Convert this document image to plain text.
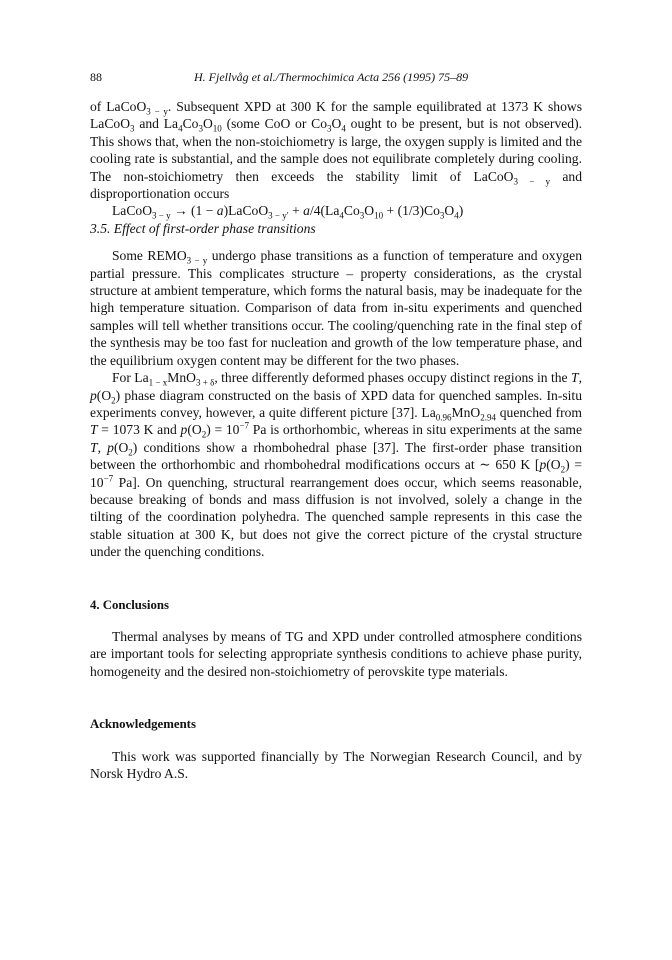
88	H. Fjellvåg et al./Thermochimica Acta 256 (1995) 75–89

of LaCoO$_{3 - y}$. Subsequent XPD at 300 K for the sample equilibrated at 1373 K shows LaCoO$_3$ and $La_4Co_3O_{10}$ (some CoO or $Co_3O_4$ ought to be present, but is not observed). This shows that, when the non-stoichiometry is large, the oxygen supply is limited and the cooling rate is substantial, and the sample does not equilibrate completely during cooling. The non-stoichiometry then exceeds the stability limit of LaCoO$_{3 - y}$ and disproportionation occurs

LaCoO$_{3 - y}$ → (1 − a)LaCoO$_{3 - y'}$ + $a/4(La_4Co_3O_{10} + (1/3)Co_3O_4)$

3.5. Effect of first-order phase transitions

Some $REMO_{3 - y}$ undergo phase transitions as a function of temperature and oxygen partial pressure. This complicates structure – property considerations, as the crystal structure at ambient temperature, which forms the natural basis, may be inadequate for the high temperature situation. Comparison of data from in-situ experiments and quenched samples will tell whether transitions occur. The cooling/quenching rate in the final step of the synthesis may be too fast for nucleation and growth of the low temperature phase, and the equilibrium oxygen content may be different for the two phases.

For $La_{1 - x}MnO_{3 + \delta}$, three differently deformed phases occupy distinct regions in the T, $p(O_2)$ phase diagram constructed on the basis of XPD data for quenched samples. In-situ experiments convey, however, a quite different picture [37]. $La_{0.96}MnO_{2.94}$ quenched from T = 1073 K and $p(O_2) = 10^{-7}$ Pa is orthorhombic, whereas in situ experiments at the same T, $p(O_2)$ conditions show a rhombohedral phase [37]. The first-order phase transition between the orthorhombic and rhombohedral modifications occurs at ∼ 650 K [$p(O_2) = 10^{-7}$ Pa]. On quenching, structural rearrangement does occur, which seems reasonable, because breaking of bonds and mass diffusion is not involved, solely a change in the tilting of the coordination polyhedra. The quenched sample represents in this case the stable situation at 300 K, but does not give the correct picture of the crystal structure under the quenching conditions.

4. Conclusions

Thermal analyses by means of TG and XPD under controlled atmosphere conditions are important tools for selecting appropriate synthesis conditions to achieve phase purity, homogeneity and the desired non-stoichiometry of perovskite type materials.

Acknowledgements

This work was supported financially by The Norwegian Research Council, and by Norsk Hydro A.S.
